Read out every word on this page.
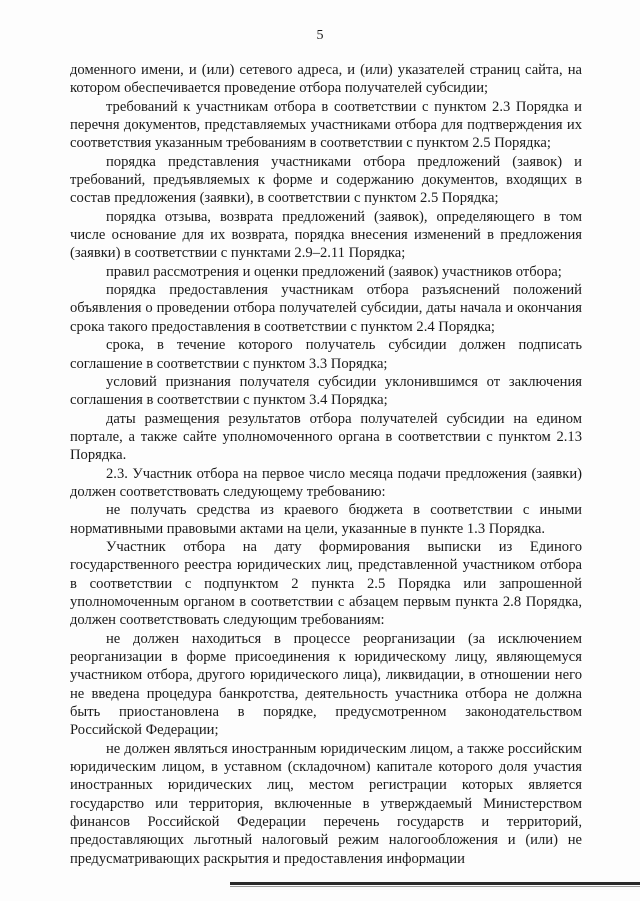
5

доменного имени, и (или) сетевого адреса, и (или) указателей страниц сайта, на котором обеспечивается проведение отбора получателей субсидии;

требований к участникам отбора в соответствии с пунктом 2.3 Порядка и перечня документов, представляемых участниками отбора для подтверждения их соответствия указанным требованиям в соответствии с пунктом 2.5 Порядка;

порядка представления участниками отбора предложений (заявок) и требований, предъявляемых к форме и содержанию документов, входящих в состав предложения (заявки), в соответствии с пунктом 2.5 Порядка;

порядка отзыва, возврата предложений (заявок), определяющего в том числе основание для их возврата, порядка внесения изменений в предложения (заявки) в соответствии с пунктами 2.9–2.11 Порядка;

правил рассмотрения и оценки предложений (заявок) участников отбора;

порядка предоставления участникам отбора разъяснений положений объявления о проведении отбора получателей субсидии, даты начала и окончания срока такого предоставления в соответствии с пунктом 2.4 Порядка;

срока, в течение которого получатель субсидии должен подписать соглашение в соответствии с пунктом 3.3 Порядка;

условий признания получателя субсидии уклонившимся от заключения соглашения в соответствии с пунктом 3.4 Порядка;

даты размещения результатов отбора получателей субсидии на едином портале, а также сайте уполномоченного органа в соответствии с пунктом 2.13 Порядка.

2.3. Участник отбора на первое число месяца подачи предложения (заявки) должен соответствовать следующему требованию:

не получать средства из краевого бюджета в соответствии с иными нормативными правовыми актами на цели, указанные в пункте 1.3 Порядка.

Участник отбора на дату формирования выписки из Единого государственного реестра юридических лиц, представленной участником отбора в соответствии с подпунктом 2 пункта 2.5 Порядка или запрошенной уполномоченным органом в соответствии с абзацем первым пункта 2.8 Порядка, должен соответствовать следующим требованиям:

не должен находиться в процессе реорганизации (за исключением реорганизации в форме присоединения к юридическому лицу, являющемуся участником отбора, другого юридического лица), ликвидации, в отношении него не введена процедура банкротства, деятельность участника отбора не должна быть приостановлена в порядке, предусмотренном законодательством Российской Федерации;

не должен являться иностранным юридическим лицом, а также российским юридическим лицом, в уставном (складочном) капитале которого доля участия иностранных юридических лиц, местом регистрации которых является государство или территория, включенные в утверждаемый Министерством финансов Российской Федерации перечень государств и территорий, предоставляющих льготный налоговый режим налогообложения и (или) не предусматривающих раскрытия и предоставления информации
